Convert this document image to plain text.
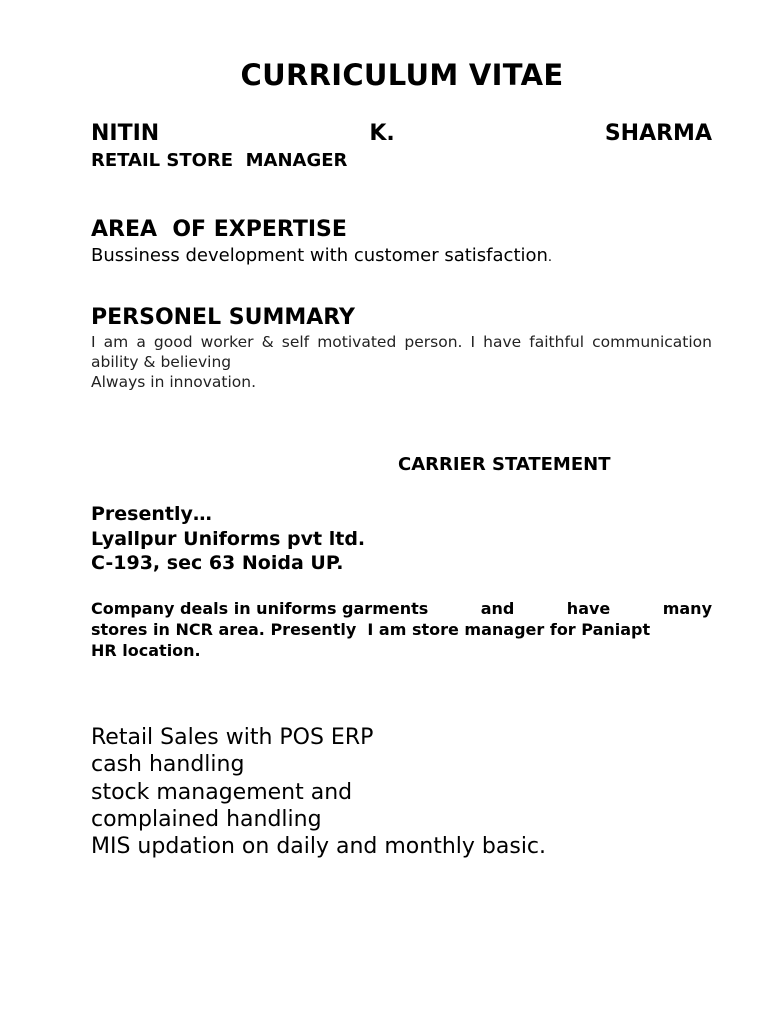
CURRICULUM VITAE
NITIN	K.	SHARMA
RETAIL STORE  MANAGER
AREA  OF EXPERTISE
Bussiness development with customer satisfaction.
PERSONEL SUMMARY
I am a good worker & self motivated person. I have faithful communication ability & believing
Always in innovation.
CARRIER STATEMENT
Presently…
Lyallpur Uniforms pvt ltd.
C-193, sec 63 Noida UP.
Company deals in uniforms garments	and	have	many
stores in NCR area. Presently  I am store manager for Paniapt
HR location.
Retail Sales with POS ERP
cash handling
stock management and
complained handling
MIS updation on daily and monthly basic.
